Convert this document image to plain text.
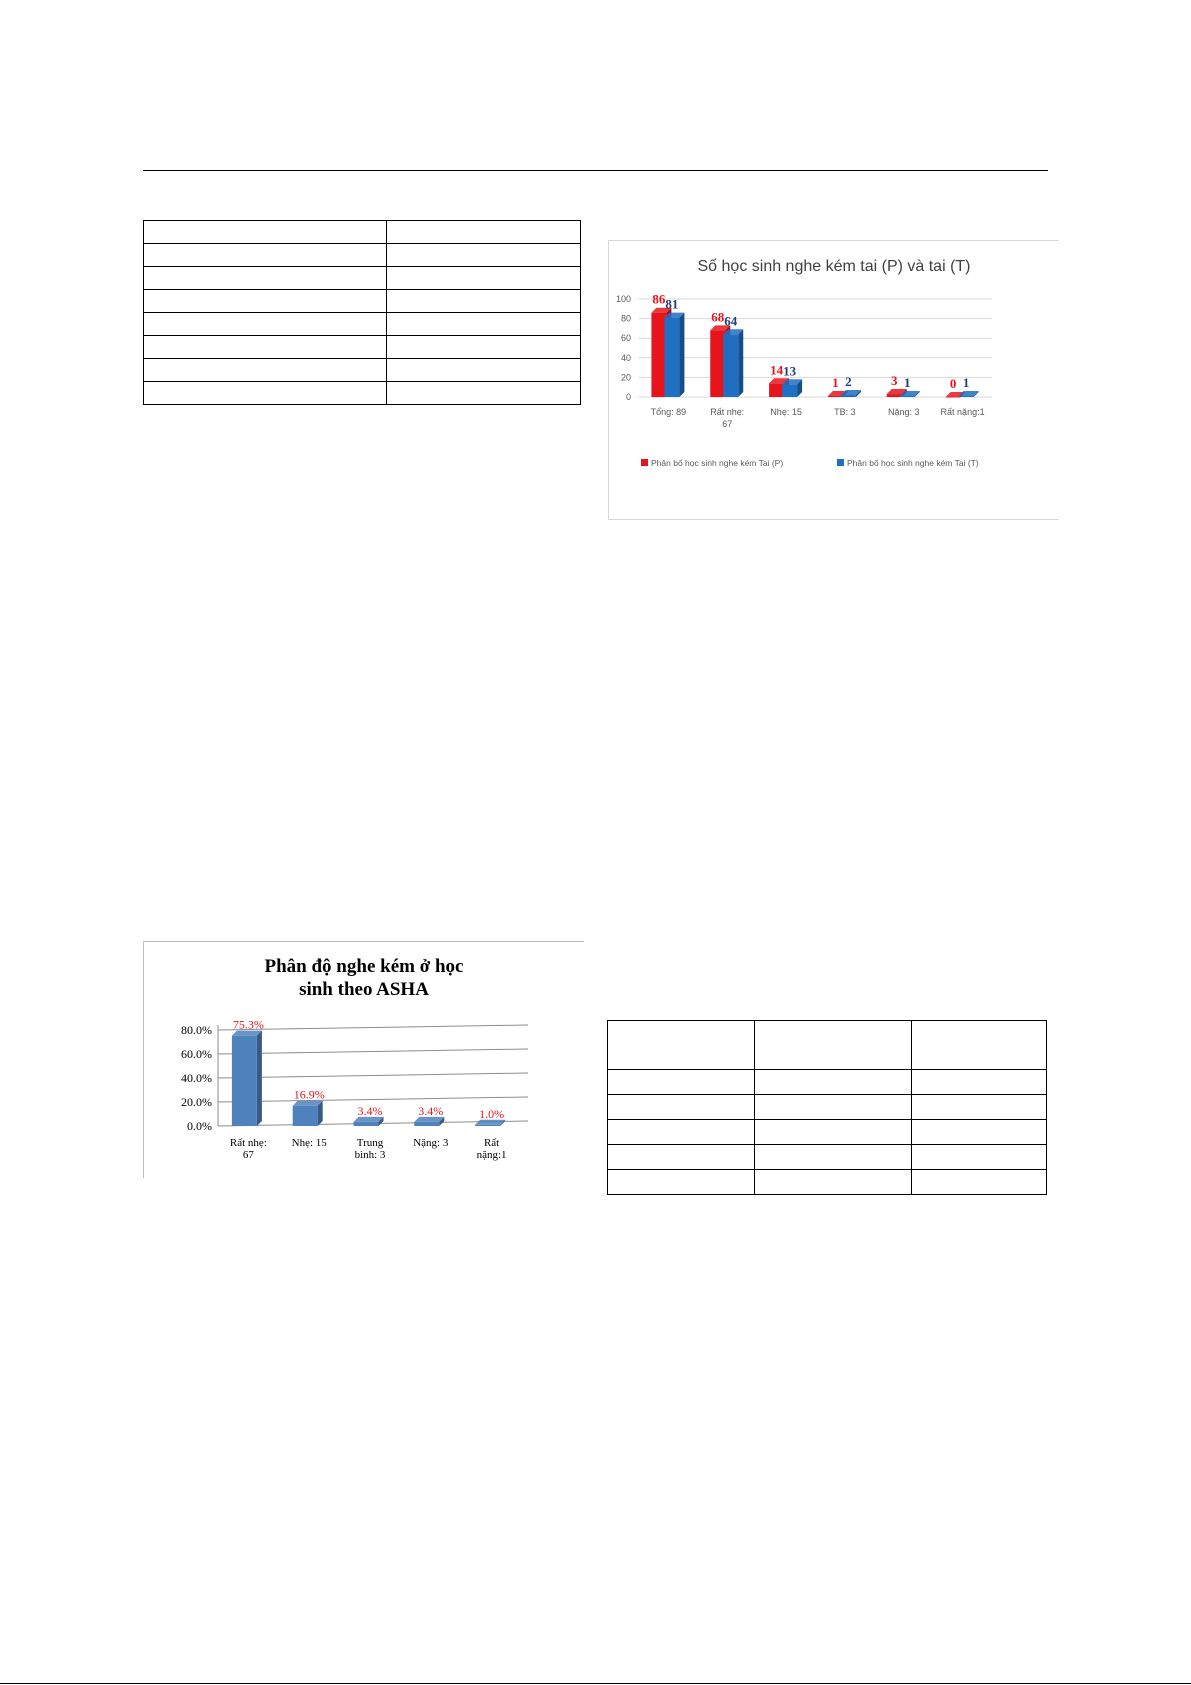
Số học sinh nghe kém tai (P) và tai (T)
0
20
40
60
80
100 86 81
Tổng: 89
68 64
Rất nhẹ: 67
14 13
Nhẹ: 15
1 2
TB: 3
3 1
Nặng: 3
0 1
Rất nặng:1
Phân bố học sinh nghe kém Tai (P)	Phân bố học sinh nghe kém Tai (T)
Phân độ nghe kém ở học sinh theo ASHA
0.0%
20.0%
40.0%
60.0%
80.0% 75.3%
Rất nhẹ: 67
16.9%
Nhẹ: 15
3.4%
Trung bình: 3
3.4%
Nặng: 3
1.0%
Rất nặng:1
